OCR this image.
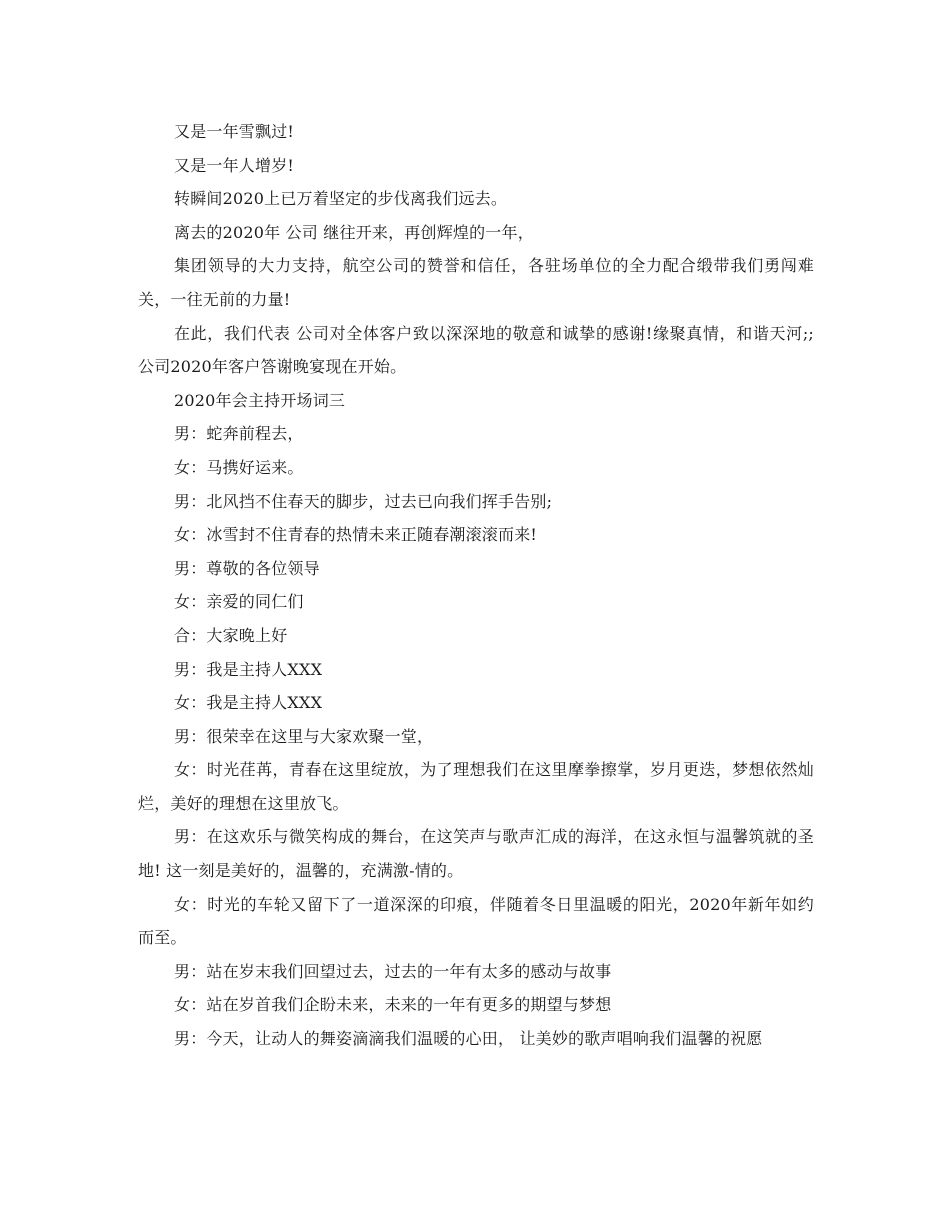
又是一年雪飘过!

又是一年人增岁!

转瞬间2020上已万着坚定的步伐离我们远去。

离去的2020年 公司 继往开来，再创辉煌的一年，

集团领导的大力支持，航空公司的赞誉和信任，各驻场单位的全力配合缎带我们勇闯难关，一往无前的力量!

在此，我们代表 公司对全体客户致以深深地的敬意和诚挚的感谢!缘聚真情，和谐天河;; 公司2020年客户答谢晚宴现在开始。

2020年会主持开场词三

男：蛇奔前程去，

女：马携好运来。

男：北风挡不住春天的脚步，过去已向我们挥手告别;

女：冰雪封不住青春的热情未来正随春潮滚滚而来!

男：尊敬的各位领导

女：亲爱的同仁们

合：大家晚上好

男：我是主持人XXX

女：我是主持人XXX

男：很荣幸在这里与大家欢聚一堂，

女：时光荏苒，青春在这里绽放，为了理想我们在这里摩拳擦掌，岁月更迭，梦想依然灿烂，美好的理想在这里放飞。

男：在这欢乐与微笑构成的舞台，在这笑声与歌声汇成的海洋，在这永恒与温馨筑就的圣地! 这一刻是美好的，温馨的，充满激-情的。

女：时光的车轮又留下了一道深深的印痕，伴随着冬日里温暖的阳光，2020年新年如约而至。

男：站在岁末我们回望过去，过去的一年有太多的感动与故事

女：站在岁首我们企盼未来，未来的一年有更多的期望与梦想

男：今天，让动人的舞姿滴滴我们温暖的心田， 让美妙的歌声唱响我们温馨的祝愿
